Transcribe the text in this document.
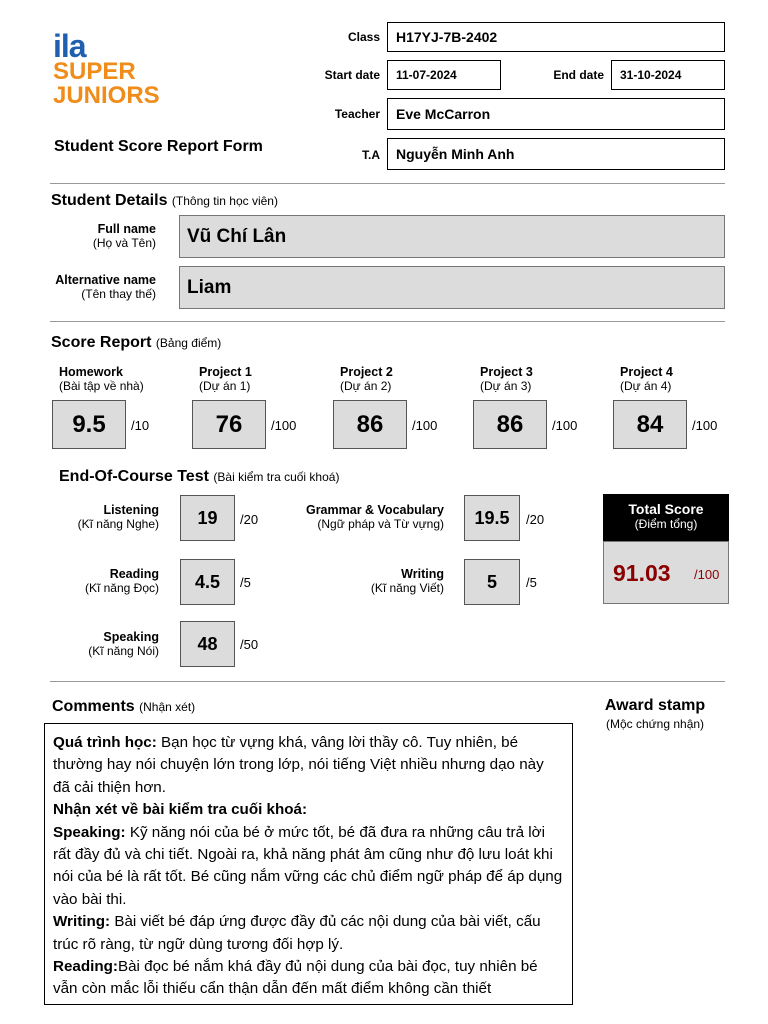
ila
SUPER
JUNIORS
Student Score Report Form
Class	H17YJ-7B-2402
Start date	11-07-2024	End date	31-10-2024
Teacher	Eve McCarron
T.A	Nguyễn Minh Anh
Student Details (Thông tin học viên)
Full name
(Họ và Tên) Vũ Chí Lân
Alternative name
(Tên thay thế) Liam
Score Report (Bảng điểm)
Homework
(Bài tập về nhà)
9.5	/10
Project 1
(Dự án 1)
76	/100
Project 2
(Dự án 2)
86	/100
Project 3
(Dự án 3)
86	/100
Project 4
(Dự án 4)
84	/100
End-Of-Course Test (Bài kiểm tra cuối khoá)
Listening
(Kĩ năng Nghe)	19	/20
Reading
(Kĩ năng Đọc)	4.5	/5
Speaking
(Kĩ năng Nói)	48	/50
Grammar & Vocabulary
(Ngữ pháp và Từ vựng)	19.5	/20
Writing
(Kĩ năng Viết)	5	/5
Total Score
(Điểm tổng)
91.03 /100
Comments (Nhận xét)

Quá trình học: Bạn học từ vựng khá, vâng lời thầy cô. Tuy nhiên, bé thường hay nói chuyện lớn trong lớp, nói tiếng Việt nhiều nhưng dạo này đã cải thiện hơn.

Nhận xét về bài kiểm tra cuối khoá:

Speaking: Kỹ năng nói của bé ở mức tốt, bé đã đưa ra những câu trả lời rất đầy đủ và chi tiết. Ngoài ra, khả năng phát âm cũng như độ lưu loát khi nói của bé là rất tốt. Bé cũng nắm vững các chủ điểm ngữ pháp để áp dụng vào bài thi.

Writing: Bài viết bé đáp ứng được đầy đủ các nội dung của bài viết, cấu trúc rõ ràng, từ ngữ dùng tương đối hợp lý.

Reading:Bài đọc bé nắm khá đầy đủ nội dung của bài đọc, tuy nhiên bé vẫn còn mắc lỗi thiếu cẩn thận dẫn đến mất điểm không cần thiết

Award stamp
(Mộc chứng nhận)
